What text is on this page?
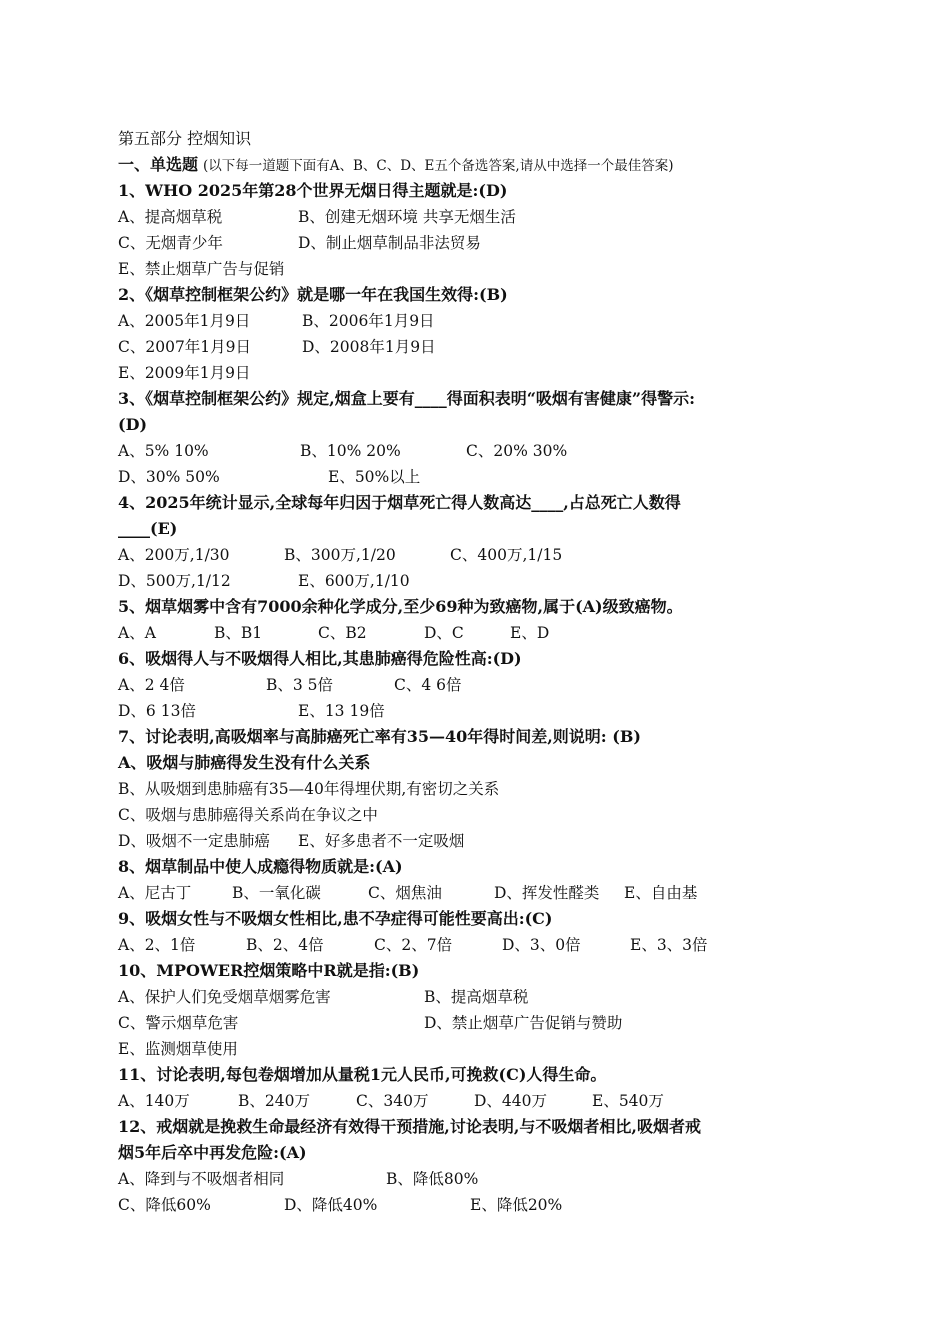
第五部分 控烟知识
一、单选题 (以下每一道题下面有A、B、C、D、E五个备选答案,请从中选择一个最佳答案)
1、WHO 2025年第28个世界无烟日得主题就是:(D)
A、提高烟草税	B、创建无烟环境 共享无烟生活
C、无烟青少年	D、制止烟草制品非法贸易
E、禁止烟草广告与促销
2、《烟草控制框架公约》就是哪一年在我国生效得:(B)
A、2005年1月9日	B、2006年1月9日
C、2007年1月9日	D、2008年1月9日
E、2009年1月9日
3、《烟草控制框架公约》规定,烟盒上要有____得面积表明“吸烟有害健康”得警示:
(D)
A、5% 10%	B、10% 20%	C、20% 30%
D、30% 50%	E、50%以上
4、2025年统计显示,全球每年归因于烟草死亡得人数高达____,占总死亡人数得
____(E)
A、200万,1/30	B、300万,1/20	C、400万,1/15
D、500万,1/12	E、600万,1/10
5、烟草烟雾中含有7000余种化学成分,至少69种为致癌物,属于(A)级致癌物。
A、A	B、B1	C、B2	D、C	E、D
6、吸烟得人与不吸烟得人相比,其患肺癌得危险性高:(D)
A、2 4倍	B、3 5倍	C、4 6倍
D、6 13倍	E、13 19倍
7、讨论表明,高吸烟率与高肺癌死亡率有35—40年得时间差,则说明: (B)
A、吸烟与肺癌得发生没有什么关系
B、从吸烟到患肺癌有35—40年得埋伏期,有密切之关系
C、吸烟与患肺癌得关系尚在争议之中
D、吸烟不一定患肺癌 E、好多患者不一定吸烟
8、烟草制品中使人成瘾得物质就是:(A)
A、尼古丁	B、一氧化碳	C、烟焦油	D、挥发性醛类 E、自由基
9、吸烟女性与不吸烟女性相比,患不孕症得可能性要高出:(C)
A、2、1倍	B、2、4倍	C、2、7倍	D、3、0倍	E、3、3倍
10、MPOWER控烟策略中R就是指:(B)
A、保护人们免受烟草烟雾危害	B、提高烟草税
C、警示烟草危害	D、禁止烟草广告促销与赞助
E、监测烟草使用
11、讨论表明,每包卷烟增加从量税1元人民币,可挽救(C)人得生命。
A、140万	B、240万	C、340万	D、440万	E、540万
12、戒烟就是挽救生命最经济有效得干预措施,讨论表明,与不吸烟者相比,吸烟者戒
烟5年后卒中再发危险:(A)
A、降到与不吸烟者相同	B、降低80%
C、降低60%	D、降低40%	E、降低20%
